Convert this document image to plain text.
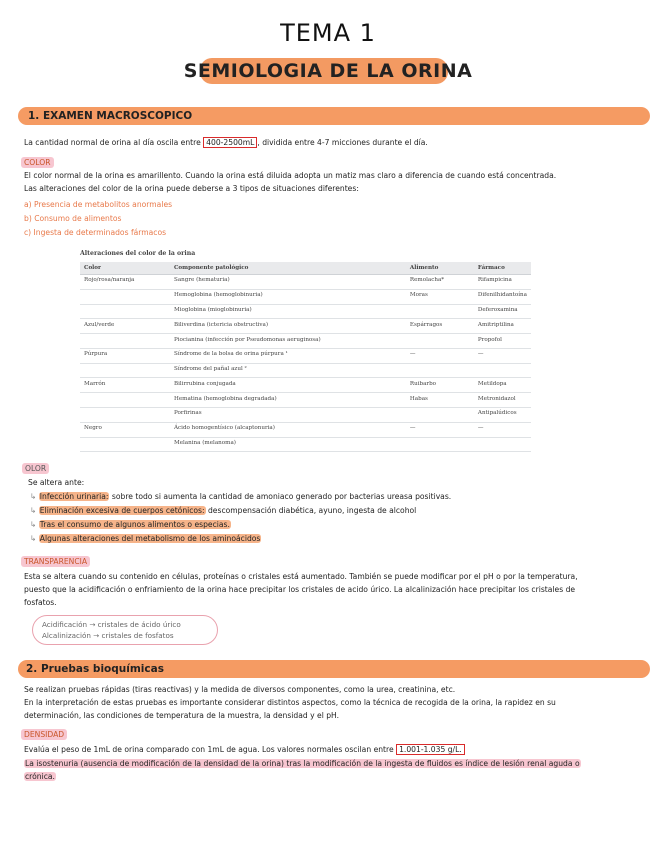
TEMA 1
SEMIOLOGIA DE LA ORINA
1. EXAMEN MACROSCOPICO
La cantidad normal de orina al día oscila entre 400-2500mL , dividida entre 4-7 micciones durante el día.
COLOR
El color normal de la orina es amarillento. Cuando la orina está diluida adopta un matiz mas claro a diferencia de cuando está concentrada.
Las alteraciones del color de la orina puede deberse a 3 tipos de situaciones diferentes:
a) Presencia de metabolitos anormales
b) Consumo de alimentos
c) Ingesta de determinados fármacos
Alteraciones del color de la orina
Color	Componente patológico	Alimento	Fármaco
Rojo/rosa/naranja	Sangre (hematuria)	Remolacha*	Rifampicina
	Hemoglobina (hemoglobinuria)	Moras	Difenilhidantoína
	Mioglobina (mioglobinuria)		Deferoxamina
Azul/verde	Biliverdina (ictericia obstructiva)	Espárragos	Amitriptilina
	Piocianina (infección por Pseudomonas aeruginosa)		Propofol
Púrpura	Síndrome de la bolsa de orina púrpura ¹	—	—
	Síndrome del pañal azul ²		
Marrón	Bilirrubina conjugada	Ruibarbo	Metildopa
	Hematina (hemoglobina degradada)	Habas	Metronidazol
	Porfirinas		Antipalúdicos
Negro	Ácido homogentísico (alcaptonuria)	—	—
	Melanina (melanoma)		
OLOR
Se altera ante:
↳ Infección urinaria: sobre todo si aumenta la cantidad de amoniaco generado por bacterias ureasa positivas.
↳ Eliminación excesiva de cuerpos cetónicos: descompensación diabética, ayuno, ingesta de alcohol
↳ Tras el consumo de algunos alimentos o especias.
↳ Algunas alteraciones del metabolismo de los aminoácidos
TRANSPARENCIA
Esta se altera cuando su contenido en células, proteínas o cristales está aumentado. También se puede modificar por el pH o por la temperatura,
puesto que la acidificación o enfriamiento de la orina hace precipitar los cristales de acido úrico. La alcalinización hace precipitar los cristales de
fosfatos.
Acidificación → cristales de ácido úrico
Alcalinización → cristales de fosfatos
2. Pruebas bioquímicas
Se realizan pruebas rápidas (tiras reactivas) y la medida de diversos componentes, como la urea, creatinina, etc.
En la interpretación de estas pruebas es importante considerar distintos aspectos, como la técnica de recogida de la orina, la rapidez en su
determinación, las condiciones de temperatura de la muestra, la densidad y el pH.
DENSIDAD
Evalúa el peso de 1mL de orina comparado con 1mL de agua. Los valores normales oscilan entre 1.001-1.035 g/L.
La isostenuria (ausencia de modificación de la densidad de la orina) tras la modificación de la ingesta de fluidos es índice de lesión renal aguda o
crónica.
